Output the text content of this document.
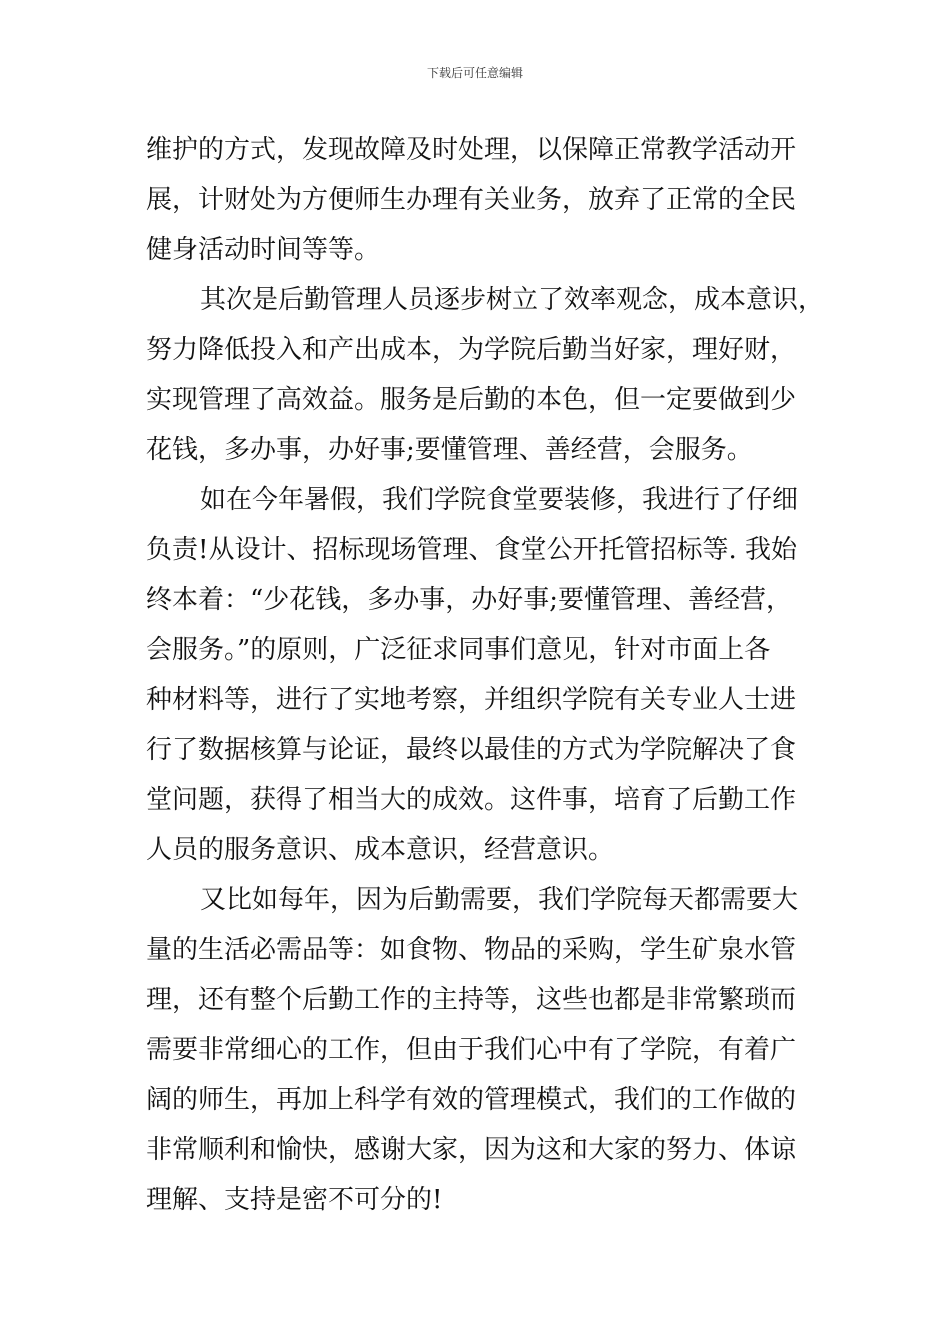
下载后可任意编辑
维护的方式，发现故障及时处理，以保障正常教学活动开
展，计财处为方便师生办理有关业务，放弃了正常的全民
健身活动时间等等。
其次是后勤管理人员逐步树立了效率观念，成本意识，
努力降低投入和产出成本，为学院后勤当好家，理好财，
实现管理了高效益。服务是后勤的本色，但一定要做到少
花钱，多办事，办好事;要懂管理、善经营，会服务。
如在今年暑假，我们学院食堂要装修，我进行了仔细
负责!从设计、招标现场管理、食堂公开托管招标等. 我始
终本着：“少花钱，多办事，办好事;要懂管理、善经营，
会服务。”的原则，广泛征求同事们意见，针对市面上各
种材料等，进行了实地考察，并组织学院有关专业人士进
行了数据核算与论证，最终以最佳的方式为学院解决了食
堂问题，获得了相当大的成效。这件事，培育了后勤工作
人员的服务意识、成本意识，经营意识。
又比如每年，因为后勤需要，我们学院每天都需要大
量的生活必需品等：如食物、物品的采购，学生矿泉水管
理，还有整个后勤工作的主持等，这些也都是非常繁琐而
需要非常细心的工作，但由于我们心中有了学院，有着广
阔的师生，再加上科学有效的管理模式，我们的工作做的
非常顺利和愉快，感谢大家，因为这和大家的努力、体谅
理解、支持是密不可分的!
